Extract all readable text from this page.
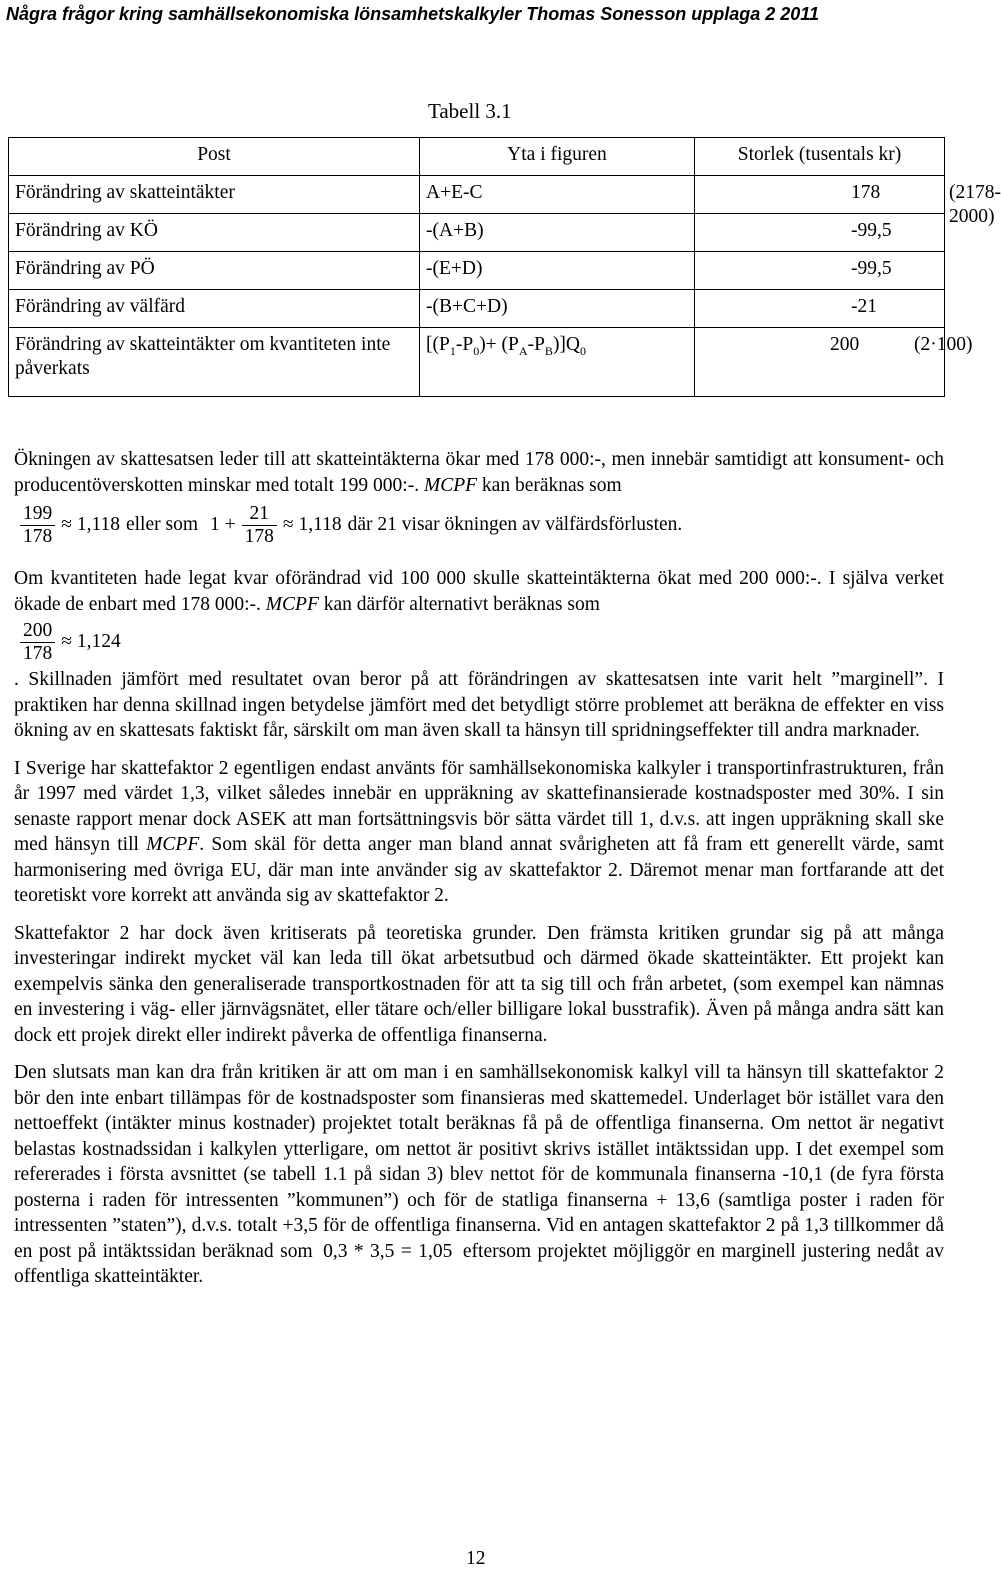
Några frågor kring samhällsekonomiska lönsamhetskalkyler Thomas Sonesson upplaga 2 2011
Tabell 3.1
Post	Yta i figuren	Storlek (tusentals kr)
Förändring av skatteintäkter	A+E-C	178 (2178-2000)

Förändring av KÖ	-(A+B)	-99,5

Förändring av PÖ	-(E+D)	-99,5

Förändring av välfärd	-(B+C+D)	-21

Förändring av skatteintäkter om kvantiteten inte påverkats	$[(P_1-P_0)+ (P_A-P_B)]Q_0$	200 (2·100)

Ökningen av skattesatsen leder till att skatteintäkterna ökar med 178 000:-, men innebär samtidigt att konsument- och producentöverskotten minskar med totalt 199 000:-. MCPF kan beräknas som

$\frac{199}{178} \approx 1,118$ eller som $1 + \frac{21}{178} \approx 1,118$ där 21 visar ökningen av välfärdsförlusten.

Om kvantiteten hade legat kvar oförändrad vid 100 000 skulle skatteintäkterna ökat med 200 000:-. I själva verket ökade de enbart med 178 000:-. MCPF kan därför alternativt beräknas som

$\frac{200}{178} \approx 1,124$

. Skillnaden jämfört med resultatet ovan beror på att förändringen av skattesatsen inte varit helt ”marginell”. I praktiken har denna skillnad ingen betydelse jämfört med det betydligt större problemet att beräkna de effekter en viss ökning av en skattesats faktiskt får, särskilt om man även skall ta hänsyn till spridningseffekter till andra marknader.

I Sverige har skattefaktor 2 egentligen endast använts för samhällsekonomiska kalkyler i transportinfrastrukturen, från år 1997 med värdet 1,3, vilket således innebär en uppräkning av skattefinansierade kostnadsposter med 30%. I sin senaste rapport menar dock ASEK att man fortsättningsvis bör sätta värdet till 1, d.v.s. att ingen uppräkning skall ske med hänsyn till MCPF. Som skäl för detta anger man bland annat svårigheten att få fram ett generellt värde, samt harmonisering med övriga EU, där man inte använder sig av skattefaktor 2. Däremot menar man fortfarande att det teoretiskt vore korrekt att använda sig av skattefaktor 2.

Skattefaktor 2 har dock även kritiserats på teoretiska grunder. Den främsta kritiken grundar sig på att många investeringar indirekt mycket väl kan leda till ökat arbetsutbud och därmed ökade skatteintäkter. Ett projekt kan exempelvis sänka den generaliserade transportkostnaden för att ta sig till och från arbetet, (som exempel kan nämnas en investering i väg- eller järnvägsnätet, eller tätare och/eller billigare lokal busstrafik). Även på många andra sätt kan dock ett projek direkt eller indirekt påverka de offentliga finanserna.

Den slutsats man kan dra från kritiken är att om man i en samhällsekonomisk kalkyl vill ta hänsyn till skattefaktor 2 bör den inte enbart tillämpas för de kostnadsposter som finansieras med skattemedel. Underlaget bör istället vara den nettoeffekt (intäkter minus kostnader) projektet totalt beräknas få på de offentliga finanserna. Om nettot är negativt belastas kostnadssidan i kalkylen ytterligare, om nettot är positivt skrivs istället intäktssidan upp. I det exempel som refererades i första avsnittet (se tabell 1.1 på sidan 3) blev nettot för de kommunala finanserna -10,1 (de fyra första posterna i raden för intressenten ”kommunen”) och för de statliga finanserna + 13,6 (samtliga poster i raden för intressenten ”staten”), d.v.s. totalt +3,5 för de offentliga finanserna. Vid en antagen skattefaktor 2 på 1,3 tillkommer då en post på intäktssidan beräknad som 0,3 * 3,5 = 1,05 eftersom projektet möjliggör en marginell justering nedåt av offentliga skatteintäkter.

12
